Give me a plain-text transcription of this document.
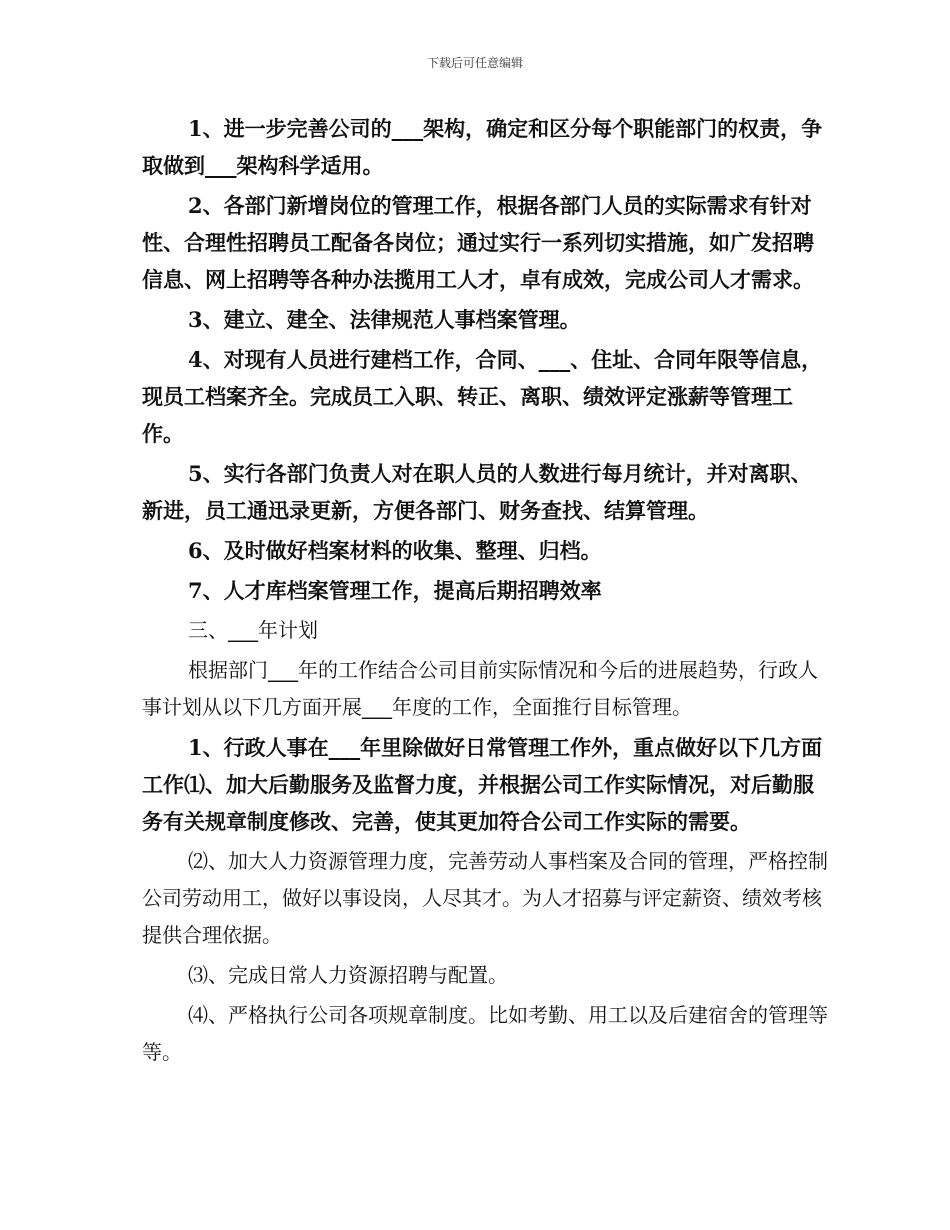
下载后可任意编辑

1、进一步完善公司的___架构，确定和区分每个职能部门的权责，争取做到___架构科学适用。

2、各部门新增岗位的管理工作，根据各部门人员的实际需求有针对性、合理性招聘员工配备各岗位；通过实行一系列切实措施，如广发招聘信息、网上招聘等各种办法揽用工人才，卓有成效，完成公司人才需求。

3、建立、建全、法律规范人事档案管理。

4、对现有人员进行建档工作，合同、___、住址、合同年限等信息，现员工档案齐全。完成员工入职、转正、离职、绩效评定涨薪等管理工作。

5、实行各部门负责人对在职人员的人数进行每月统计，并对离职、新进，员工通迅录更新，方便各部门、财务查找、结算管理。

6、及时做好档案材料的收集、整理、归档。

7、人才库档案管理工作，提高后期招聘效率

三、___年计划

根据部门___年的工作结合公司目前实际情况和今后的进展趋势，行政人事计划从以下几方面开展___年度的工作，全面推行目标管理。

1、行政人事在___年里除做好日常管理工作外，重点做好以下几方面工作⑴、加大后勤服务及监督力度，并根据公司工作实际情况，对后勤服务有关规章制度修改、完善，使其更加符合公司工作实际的需要。

⑵、加大人力资源管理力度，完善劳动人事档案及合同的管理，严格控制公司劳动用工，做好以事设岗，人尽其才。为人才招募与评定薪资、绩效考核提供合理依据。

⑶、完成日常人力资源招聘与配置。

⑷、严格执行公司各项规章制度。比如考勤、用工以及后建宿舍的管理等等。
